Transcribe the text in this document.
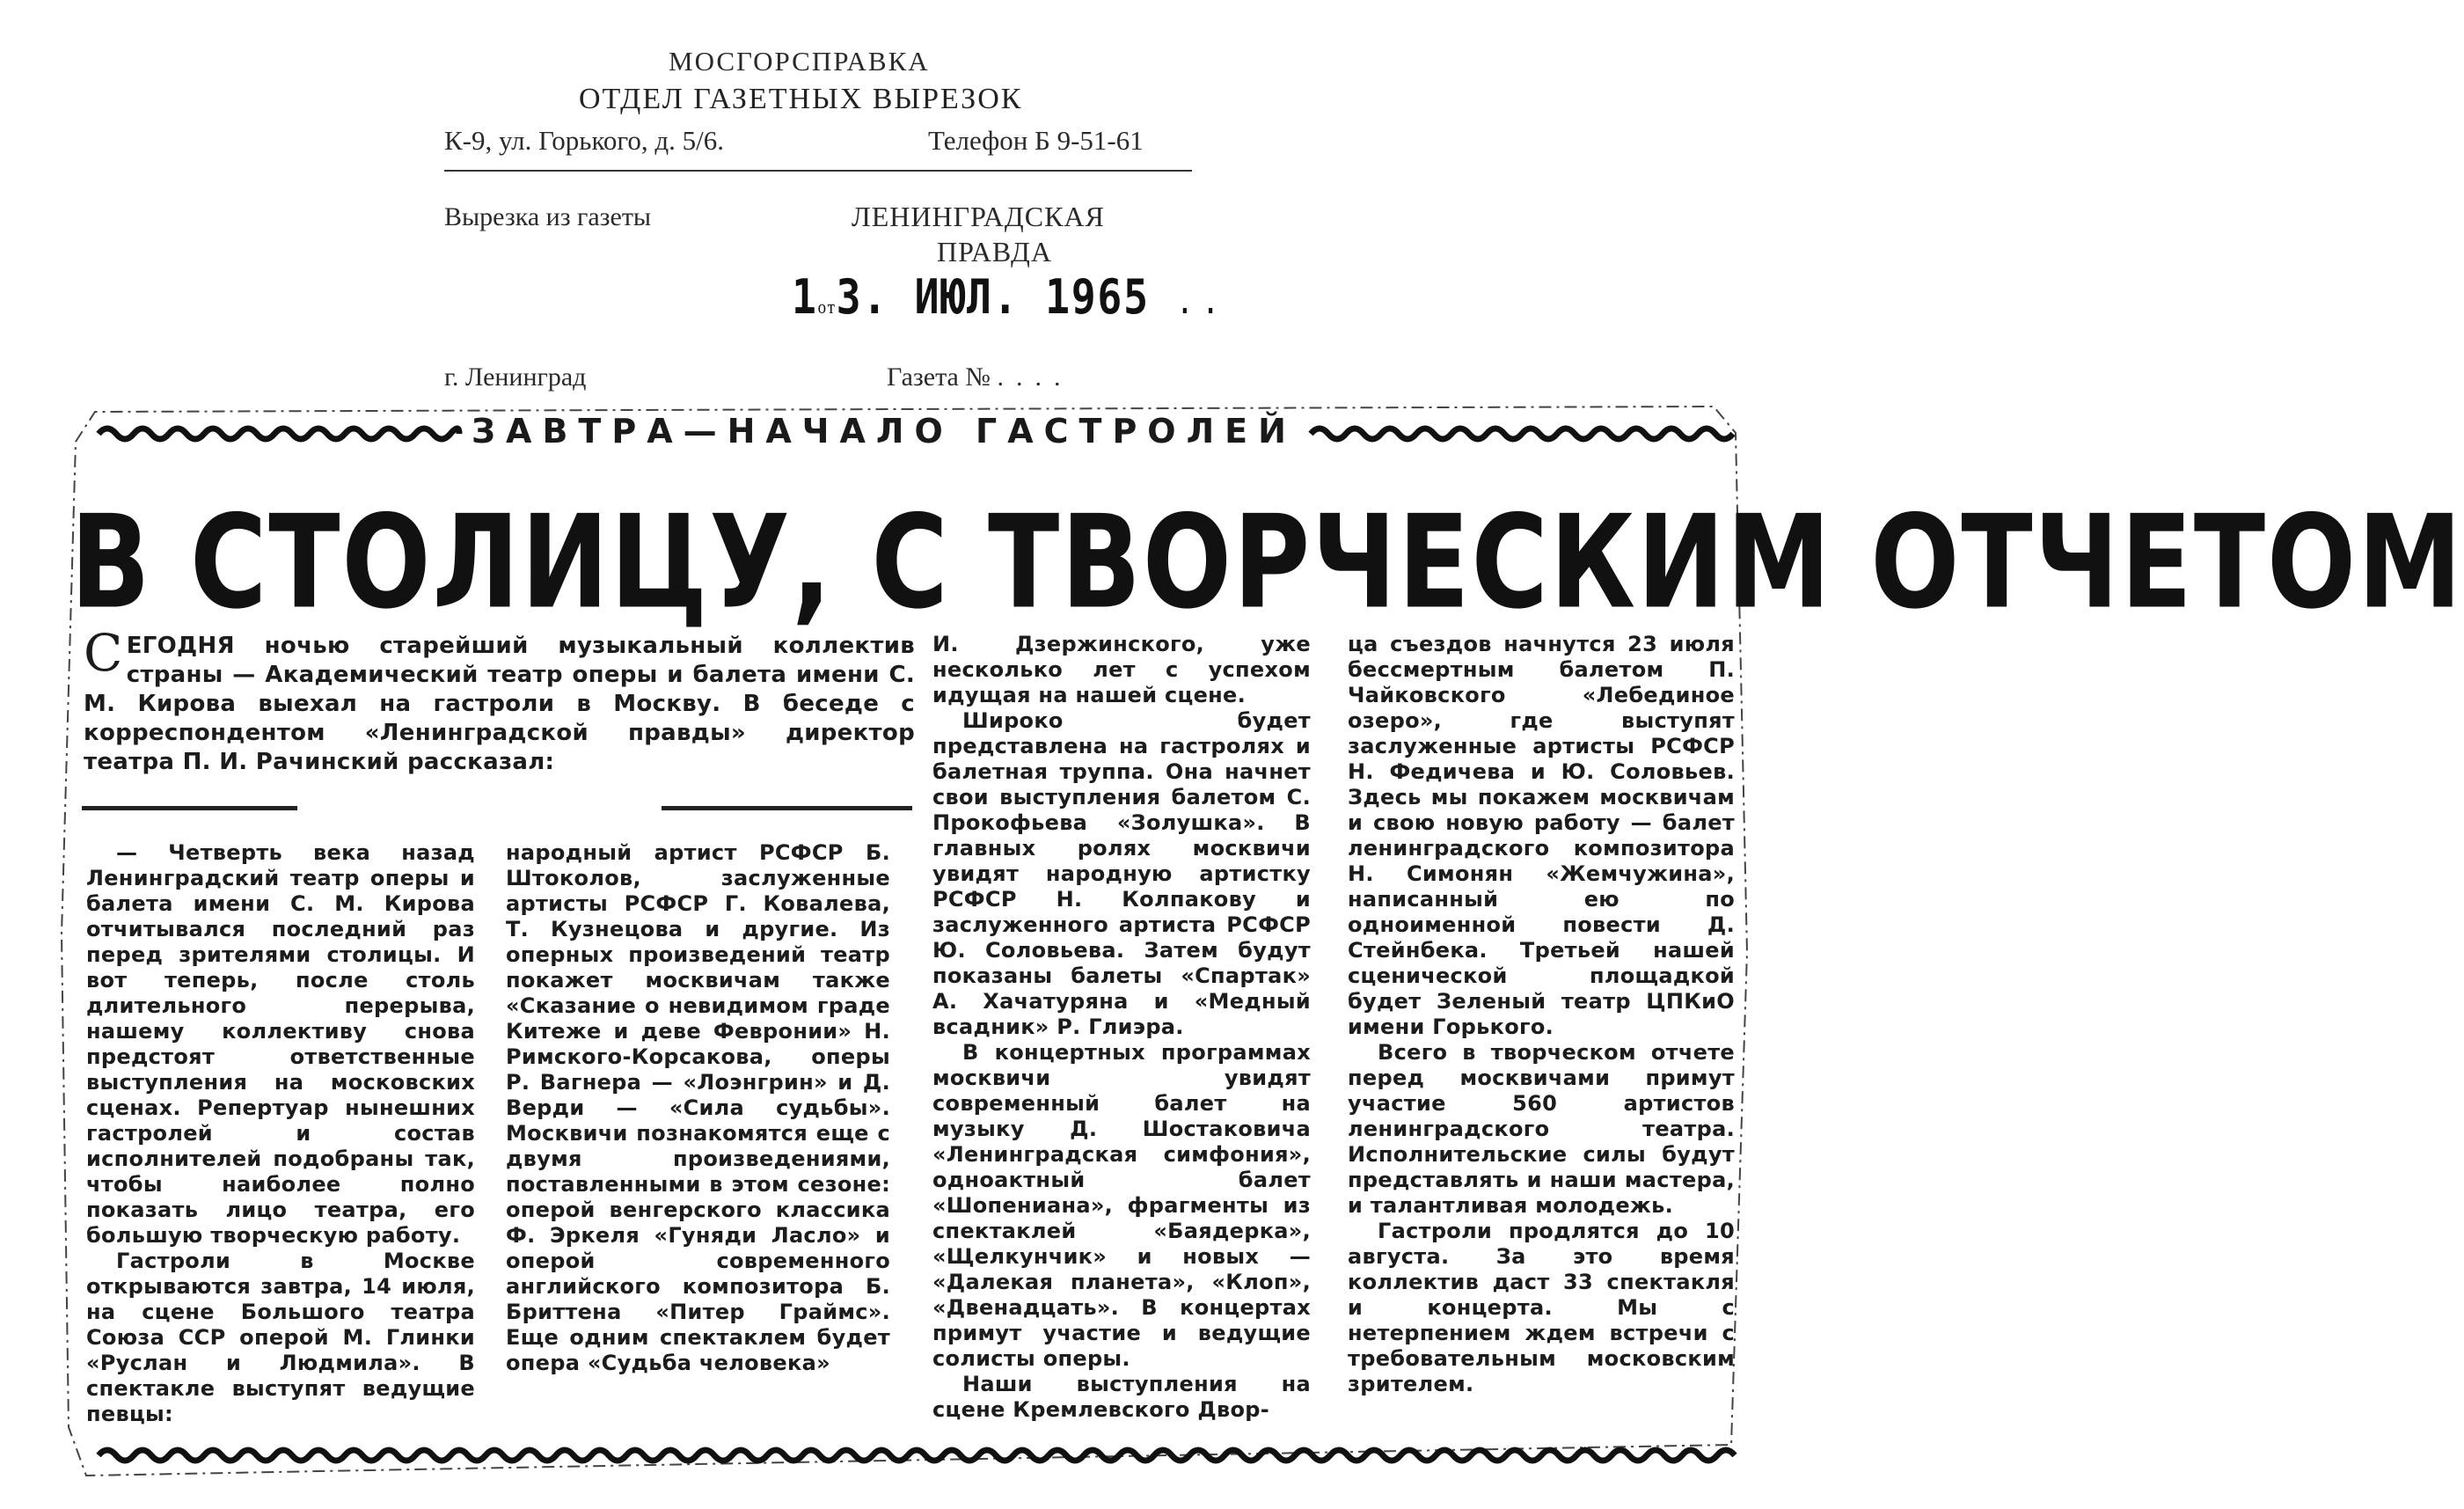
МОСГОРСПРАВКА
ОТДЕЛ ГАЗЕТНЫХ ВЫРЕЗОК
К-9, ул. Горького, д. 5/6.	Телефон Б 9-51-61
Вырезка из газеты	ЛЕНИНГРАДСКАЯ
ПРАВДА
1от3. ИЮЛ. 1965 ..
г. Ленинград	Газета № ....
ЗАВТРА—НАЧАЛО ГАСТРОЛЕЙ
В СТОЛИЦУ, С ТВОРЧЕСКИМ ОТЧЕТОМ
СЕГОДНЯ ночью старейший музыкальный коллектив страны — Академический театр оперы и балета имени С. М. Кирова выехал на гастроли в Москву. В беседе с корреспондентом «Ленинградской правды» директор театра П. И. Рачинский рассказал:

— Четверть века назад Ленинградский театр оперы и балета имени С. М. Кирова отчитывался последний раз перед зрителями столицы. И вот теперь, после столь длительного перерыва, нашему коллективу снова предстоят ответственные выступления на московских сценах. Репертуар нынешних гастролей и состав исполнителей подобраны так, чтобы наиболее полно показать лицо театра, его большую творческую работу.

Гастроли в Москве открываются завтра, 14 июля, на сцене Большого театра Союза ССР оперой М. Глинки «Руслан и Людмила». В спектакле выступят ведущие певцы:

народный артист РСФСР Б. Штоколов, заслуженные артисты РСФСР Г. Ковалева, Т. Кузнецова и другие. Из оперных произведений театр покажет москвичам также «Сказание о невидимом граде Китеже и деве Февронии» Н. Римского-Корсакова, оперы Р. Вагнера — «Лоэнгрин» и Д. Верди — «Сила судьбы». Москвичи познакомятся еще с двумя произведениями, поставленными в этом сезоне: оперой венгерского классика Ф. Эркеля «Гуняди Ласло» и оперой современного английского композитора Б. Бриттена «Питер Граймс». Еще одним спектаклем будет опера «Судьба человека»

И. Дзержинского, уже несколько лет с успехом идущая на нашей сцене.

Широко будет представлена на гастролях и балетная труппа. Она начнет свои выступления балетом С. Прокофьева «Золушка». В главных ролях москвичи увидят народную артистку РСФСР Н. Колпакову и заслуженного артиста РСФСР Ю. Соловьева. Затем будут показаны балеты «Спартак» А. Хачатуряна и «Медный всадник» Р. Глиэра.

В концертных программах москвичи увидят современный балет на музыку Д. Шостаковича «Ленинградская симфония», одноактный балет «Шопениана», фрагменты из спектаклей «Баядерка», «Щелкунчик» и новых — «Далекая планета», «Клоп», «Двенадцать». В концертах примут участие и ведущие солисты оперы.

Наши выступления на сцене Кремлевского Двор-

ца съездов начнутся 23 июля бессмертным балетом П. Чайковского «Лебединое озеро», где выступят заслуженные артисты РСФСР Н. Федичева и Ю. Соловьев. Здесь мы покажем москвичам и свою новую работу — балет ленинградского композитора Н. Симонян «Жемчужина», написанный ею по одноименной повести Д. Стейнбека. Третьей нашей сценической площадкой будет Зеленый театр ЦПКиО имени Горького.

Всего в творческом отчете перед москвичами примут участие 560 артистов ленинградского театра. Исполнительские силы будут представлять и наши мастера, и талантливая молодежь.

Гастроли продлятся до 10 августа. За это время коллектив даст 33 спектакля и концерта. Мы с нетерпением ждем встречи с требовательным московским зрителем.
